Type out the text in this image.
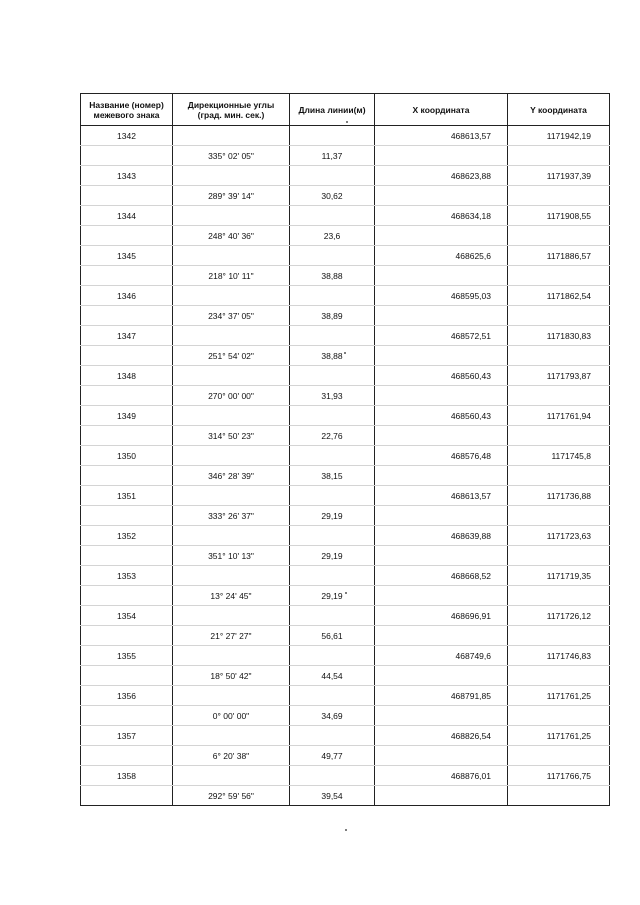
Название (номер) межевого знака	Дирекционные углы (град. мин. сек.)	Длина линии(м)	X координата	Y координата
1342			468613,57	1171942,19
	335° 02' 05"	11,37		
1343			468623,88	1171937,39
	289° 39' 14"	30,62		
1344			468634,18	1171908,55
	248° 40' 36"	23,6		
1345			468625,6	1171886,57
	218° 10' 11"	38,88		
1346			468595,03	1171862,54
	234° 37' 05"	38,89		
1347			468572,51	1171830,83
	251° 54' 02"	38,88		
1348			468560,43	1171793,87
	270° 00' 00"	31,93		
1349			468560,43	1171761,94
	314° 50' 23"	22,76		
1350			468576,48	1171745,8
	346° 28' 39"	38,15		
1351			468613,57	1171736,88
	333° 26' 37"	29,19		
1352			468639,88	1171723,63
	351° 10' 13"	29,19		
1353			468668,52	1171719,35
	13° 24' 45"	29,19		
1354			468696,91	1171726,12
	21° 27' 27"	56,61		
1355			468749,6	1171746,83
	18° 50' 42"	44,54		
1356			468791,85	1171761,25
	0° 00' 00"	34,69		
1357			468826,54	1171761,25
	6° 20' 38"	49,77		
1358			468876,01	1171766,75
	292° 59' 56"	39,54		
